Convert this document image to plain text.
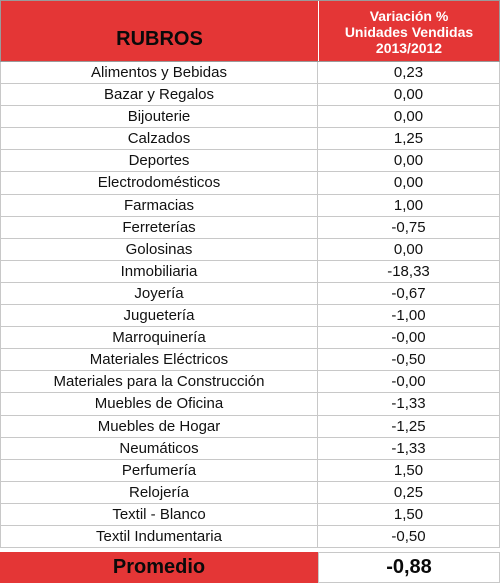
RUBROS
Variación %
Unidades Vendidas
2013/2012
Alimentos y Bebidas	0,23
Bazar y Regalos	0,00
Bijouterie	0,00
Calzados	1,25
Deportes	0,00
Electrodomésticos	0,00
Farmacias	1,00
Ferreterías	-0,75
Golosinas	0,00
Inmobiliaria	-18,33
Joyería	-0,67
Juguetería	-1,00
Marroquinería	-0,00
Materiales Eléctricos	-0,50
Materiales para la Construcción	-0,00
Muebles de Oficina	-1,33
Muebles de Hogar	-1,25
Neumáticos	-1,33
Perfumería	1,50
Relojería	0,25
Textil - Blanco	1,50
Textil Indumentaria	-0,50
Promedio	-0,88
